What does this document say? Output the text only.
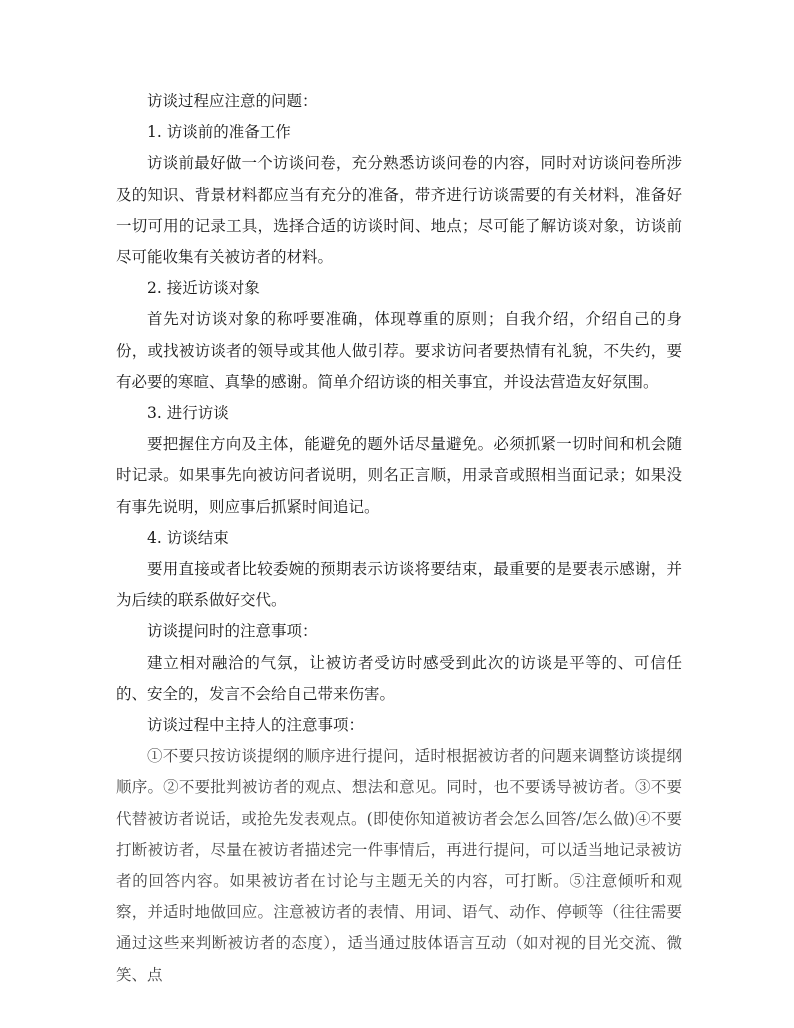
访谈过程应注意的问题：

1. 访谈前的准备工作

访谈前最好做一个访谈问卷，充分熟悉访谈问卷的内容，同时对访谈问卷所涉及的知识、背景材料都应当有充分的准备，带齐进行访谈需要的有关材料，准备好一切可用的记录工具，选择合适的访谈时间、地点；尽可能了解访谈对象，访谈前尽可能收集有关被访者的材料。

2. 接近访谈对象

首先对访谈对象的称呼要准确，体现尊重的原则；自我介绍，介绍自己的身份，或找被访谈者的领导或其他人做引荐。要求访问者要热情有礼貌，不失约，要有必要的寒暄、真挚的感谢。简单介绍访谈的相关事宜，并设法营造友好氛围。

3. 进行访谈

要把握住方向及主体，能避免的题外话尽量避免。必须抓紧一切时间和机会随时记录。如果事先向被访问者说明，则名正言顺，用录音或照相当面记录；如果没有事先说明，则应事后抓紧时间追记。

4. 访谈结束

要用直接或者比较委婉的预期表示访谈将要结束，最重要的是要表示感谢，并为后续的联系做好交代。

访谈提问时的注意事项：

建立相对融洽的气氛，让被访者受访时感受到此次的访谈是平等的、可信任的、安全的，发言不会给自己带来伤害。

访谈过程中主持人的注意事项：

①不要只按访谈提纲的顺序进行提问，适时根据被访者的问题来调整访谈提纲顺序。②不要批判被访者的观点、想法和意见。同时，也不要诱导被访者。③不要代替被访者说话，或抢先发表观点。(即使你知道被访者会怎么回答/怎么做)④不要打断被访者，尽量在被访者描述完一件事情后，再进行提问，可以适当地记录被访者的回答内容。如果被访者在讨论与主题无关的内容，可打断。⑤注意倾听和观察，并适时地做回应。注意被访者的表情、用词、语气、动作、停顿等（往往需要通过这些来判断被访者的态度），适当通过肢体语言互动（如对视的目光交流、微笑、点
